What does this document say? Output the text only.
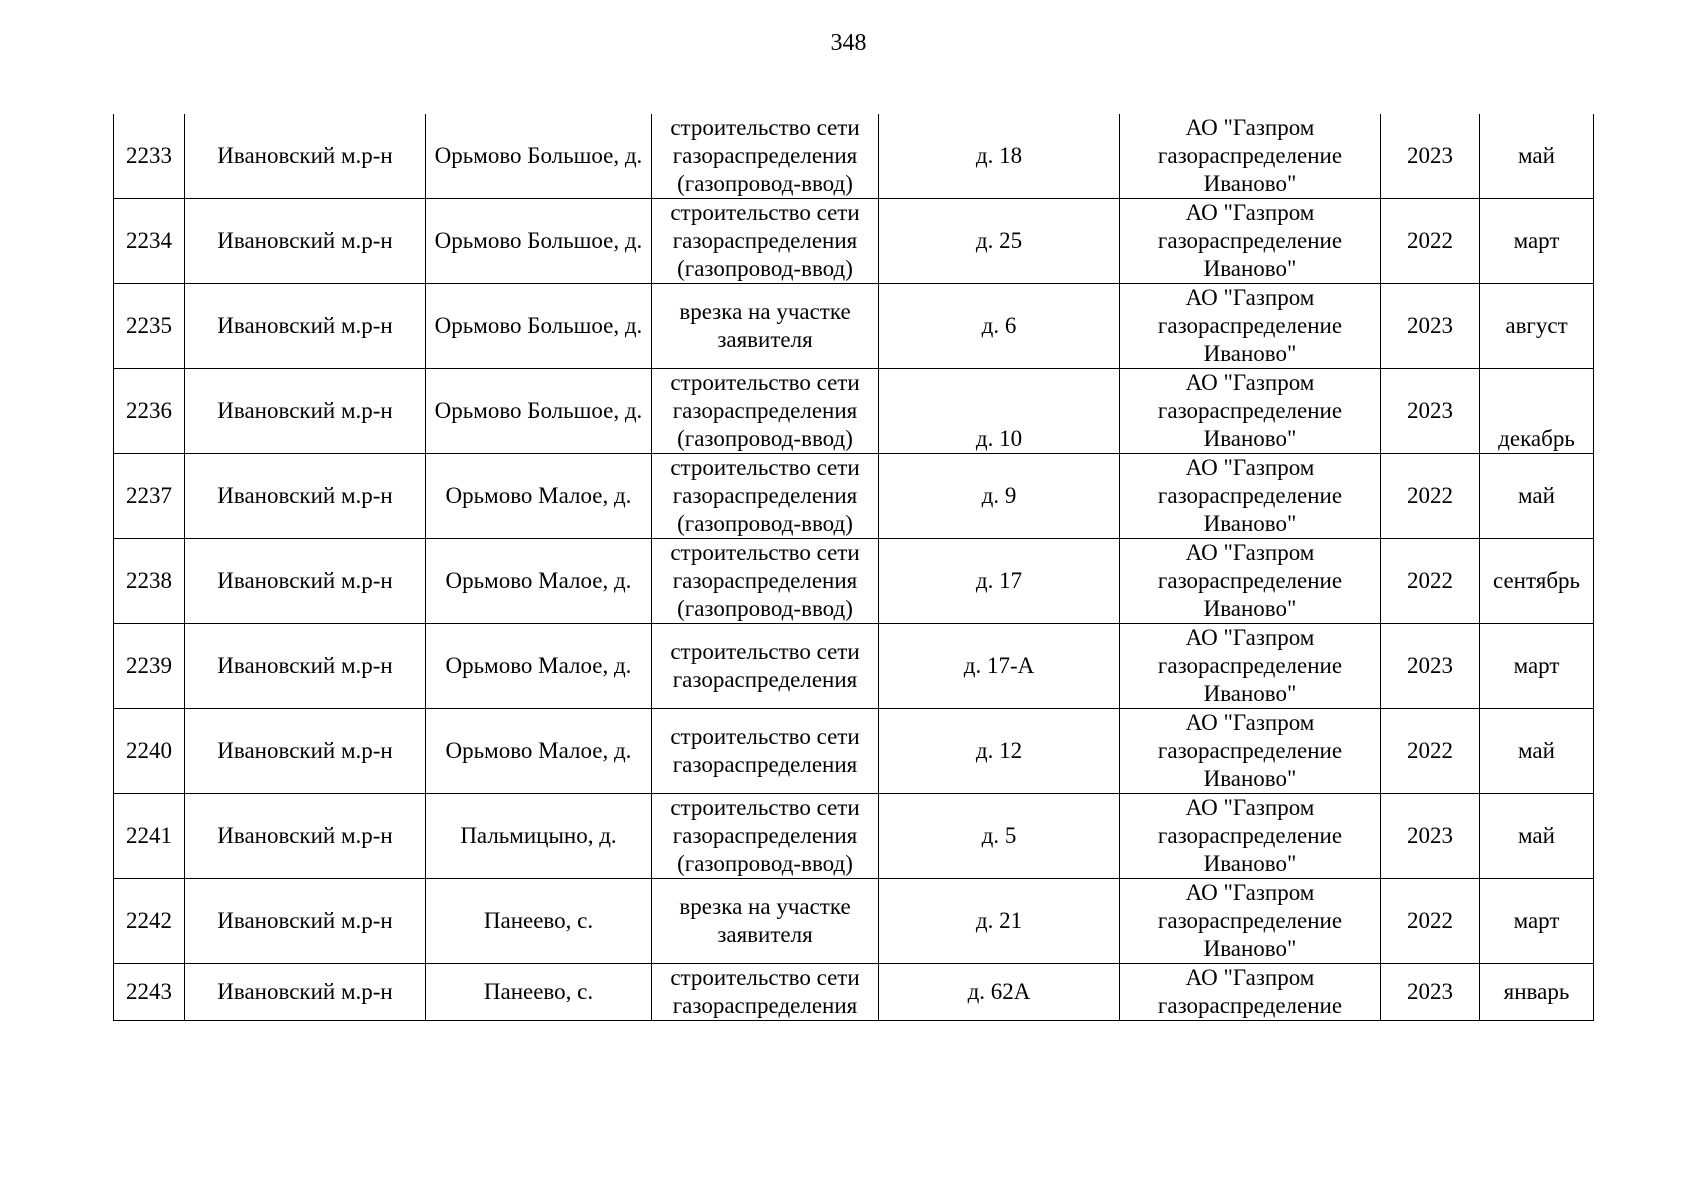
348
2233	Ивановский м.р-н	Орьмово Большое, д.	строительство сети газораспределения (газопровод-ввод)	д. 18	АО "Газпром газораспределение Иваново"	2023	май
2234	Ивановский м.р-н	Орьмово Большое, д.	строительство сети газораспределения (газопровод-ввод)	д. 25	АО "Газпром газораспределение Иваново"	2022	март
2235	Ивановский м.р-н	Орьмово Большое, д.	врезка на участке заявителя	д. 6	АО "Газпром газораспределение Иваново"	2023	август
2236	Ивановский м.р-н	Орьмово Большое, д.	строительство сети газораспределения (газопровод-ввод)	д. 10	АО "Газпром газораспределение Иваново"	2023	декабрь
2237	Ивановский м.р-н	Орьмово Малое, д.	строительство сети газораспределения (газопровод-ввод)	д. 9	АО "Газпром газораспределение Иваново"	2022	май
2238	Ивановский м.р-н	Орьмово Малое, д.	строительство сети газораспределения (газопровод-ввод)	д. 17	АО "Газпром газораспределение Иваново"	2022	сентябрь
2239	Ивановский м.р-н	Орьмово Малое, д.	строительство сети газораспределения	д. 17-А	АО "Газпром газораспределение Иваново"	2023	март
2240	Ивановский м.р-н	Орьмово Малое, д.	строительство сети газораспределения	д. 12	АО "Газпром газораспределение Иваново"	2022	май
2241	Ивановский м.р-н	Пальмицыно, д.	строительство сети газораспределения (газопровод-ввод)	д. 5	АО "Газпром газораспределение Иваново"	2023	май
2242	Ивановский м.р-н	Панеево, с.	врезка на участке заявителя	д. 21	АО "Газпром газораспределение Иваново"	2022	март
2243	Ивановский м.р-н	Панеево, с.	строительство сети газораспределения	д. 62А	АО "Газпром газораспределение	2023	январь
